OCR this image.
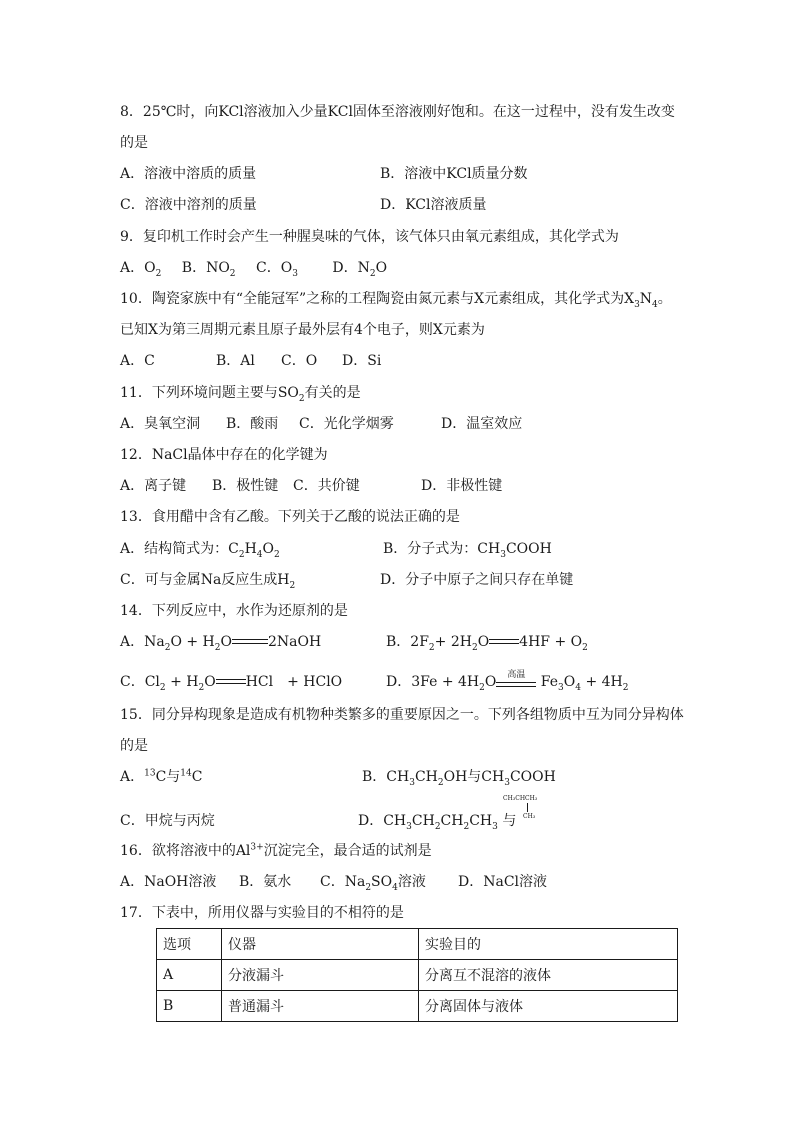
8．25℃时，向KCl溶液加入少量KCl固体至溶液刚好饱和。在这一过程中，没有发生改变
的是
A．溶液中溶质的质量	B．溶液中KCl质量分数
C．溶液中溶剂的质量	D．KCl溶液质量
9．复印机工作时会产生一种腥臭味的气体，该气体只由氧元素组成，其化学式为
A．$O_2$ B．$NO_2$ C．$O_3$ D．$N_2O$
10．陶瓷家族中有“全能冠军”之称的工程陶瓷由氮元素与X元素组成，其化学式为$X_3N_4$。
已知X为第三周期元素且原子最外层有4个电子，则X元素为
A．C	B．Al C．O D．Si
11．下列环境问题主要与$SO_2$有关的是
A．臭氧空洞 B．酸雨 C．光化学烟雾	D．温室效应
12．NaCl晶体中存在的化学键为
A．离子键 B．极性键 C．共价键	D．非极性键
13．食用醋中含有乙酸。下列关于乙酸的说法正确的是
A．结构简式为：$C_2H_4O_2$	B．分子式为：$CH_3COOH$
C．可与金属Na反应生成$H_2$	D．分子中原子之间只存在单键
14．下列反应中，水作为还原剂的是
A．$Na_2O + H_2O$	2NaOH	B．$2F_2+ 2H_2O$ $4HF + O_2$
C．$Cl_2 + H_2O$ HCl　+ HClO	D．$3Fe + 4H_2O$	高温	$Fe_3O_4 + 4H_2$
15．同分异构现象是造成有机物种类繁多的重要原因之一。下列各组物质中互为同分异构体
的是
A．$^{13}$C与$^{14}$C	B．$CH_3CH_2OH$与$CH_3COOH$
C．甲烷与丙烷	D．$CH_3CH_2CH_2CH_3$ 与
CH₃CHCH₃
CH₃
16．欲将溶液中的$Al^{3+}$沉淀完全，最合适的试剂是
A．NaOH溶液 B．氨水 C．$Na_2SO_4$溶液 D．NaCl溶液
17．下表中，所用仪器与实验目的不相符的是
选项	仪器	实验目的
A	分液漏斗	分离互不混溶的液体
B	普通漏斗	分离固体与液体
